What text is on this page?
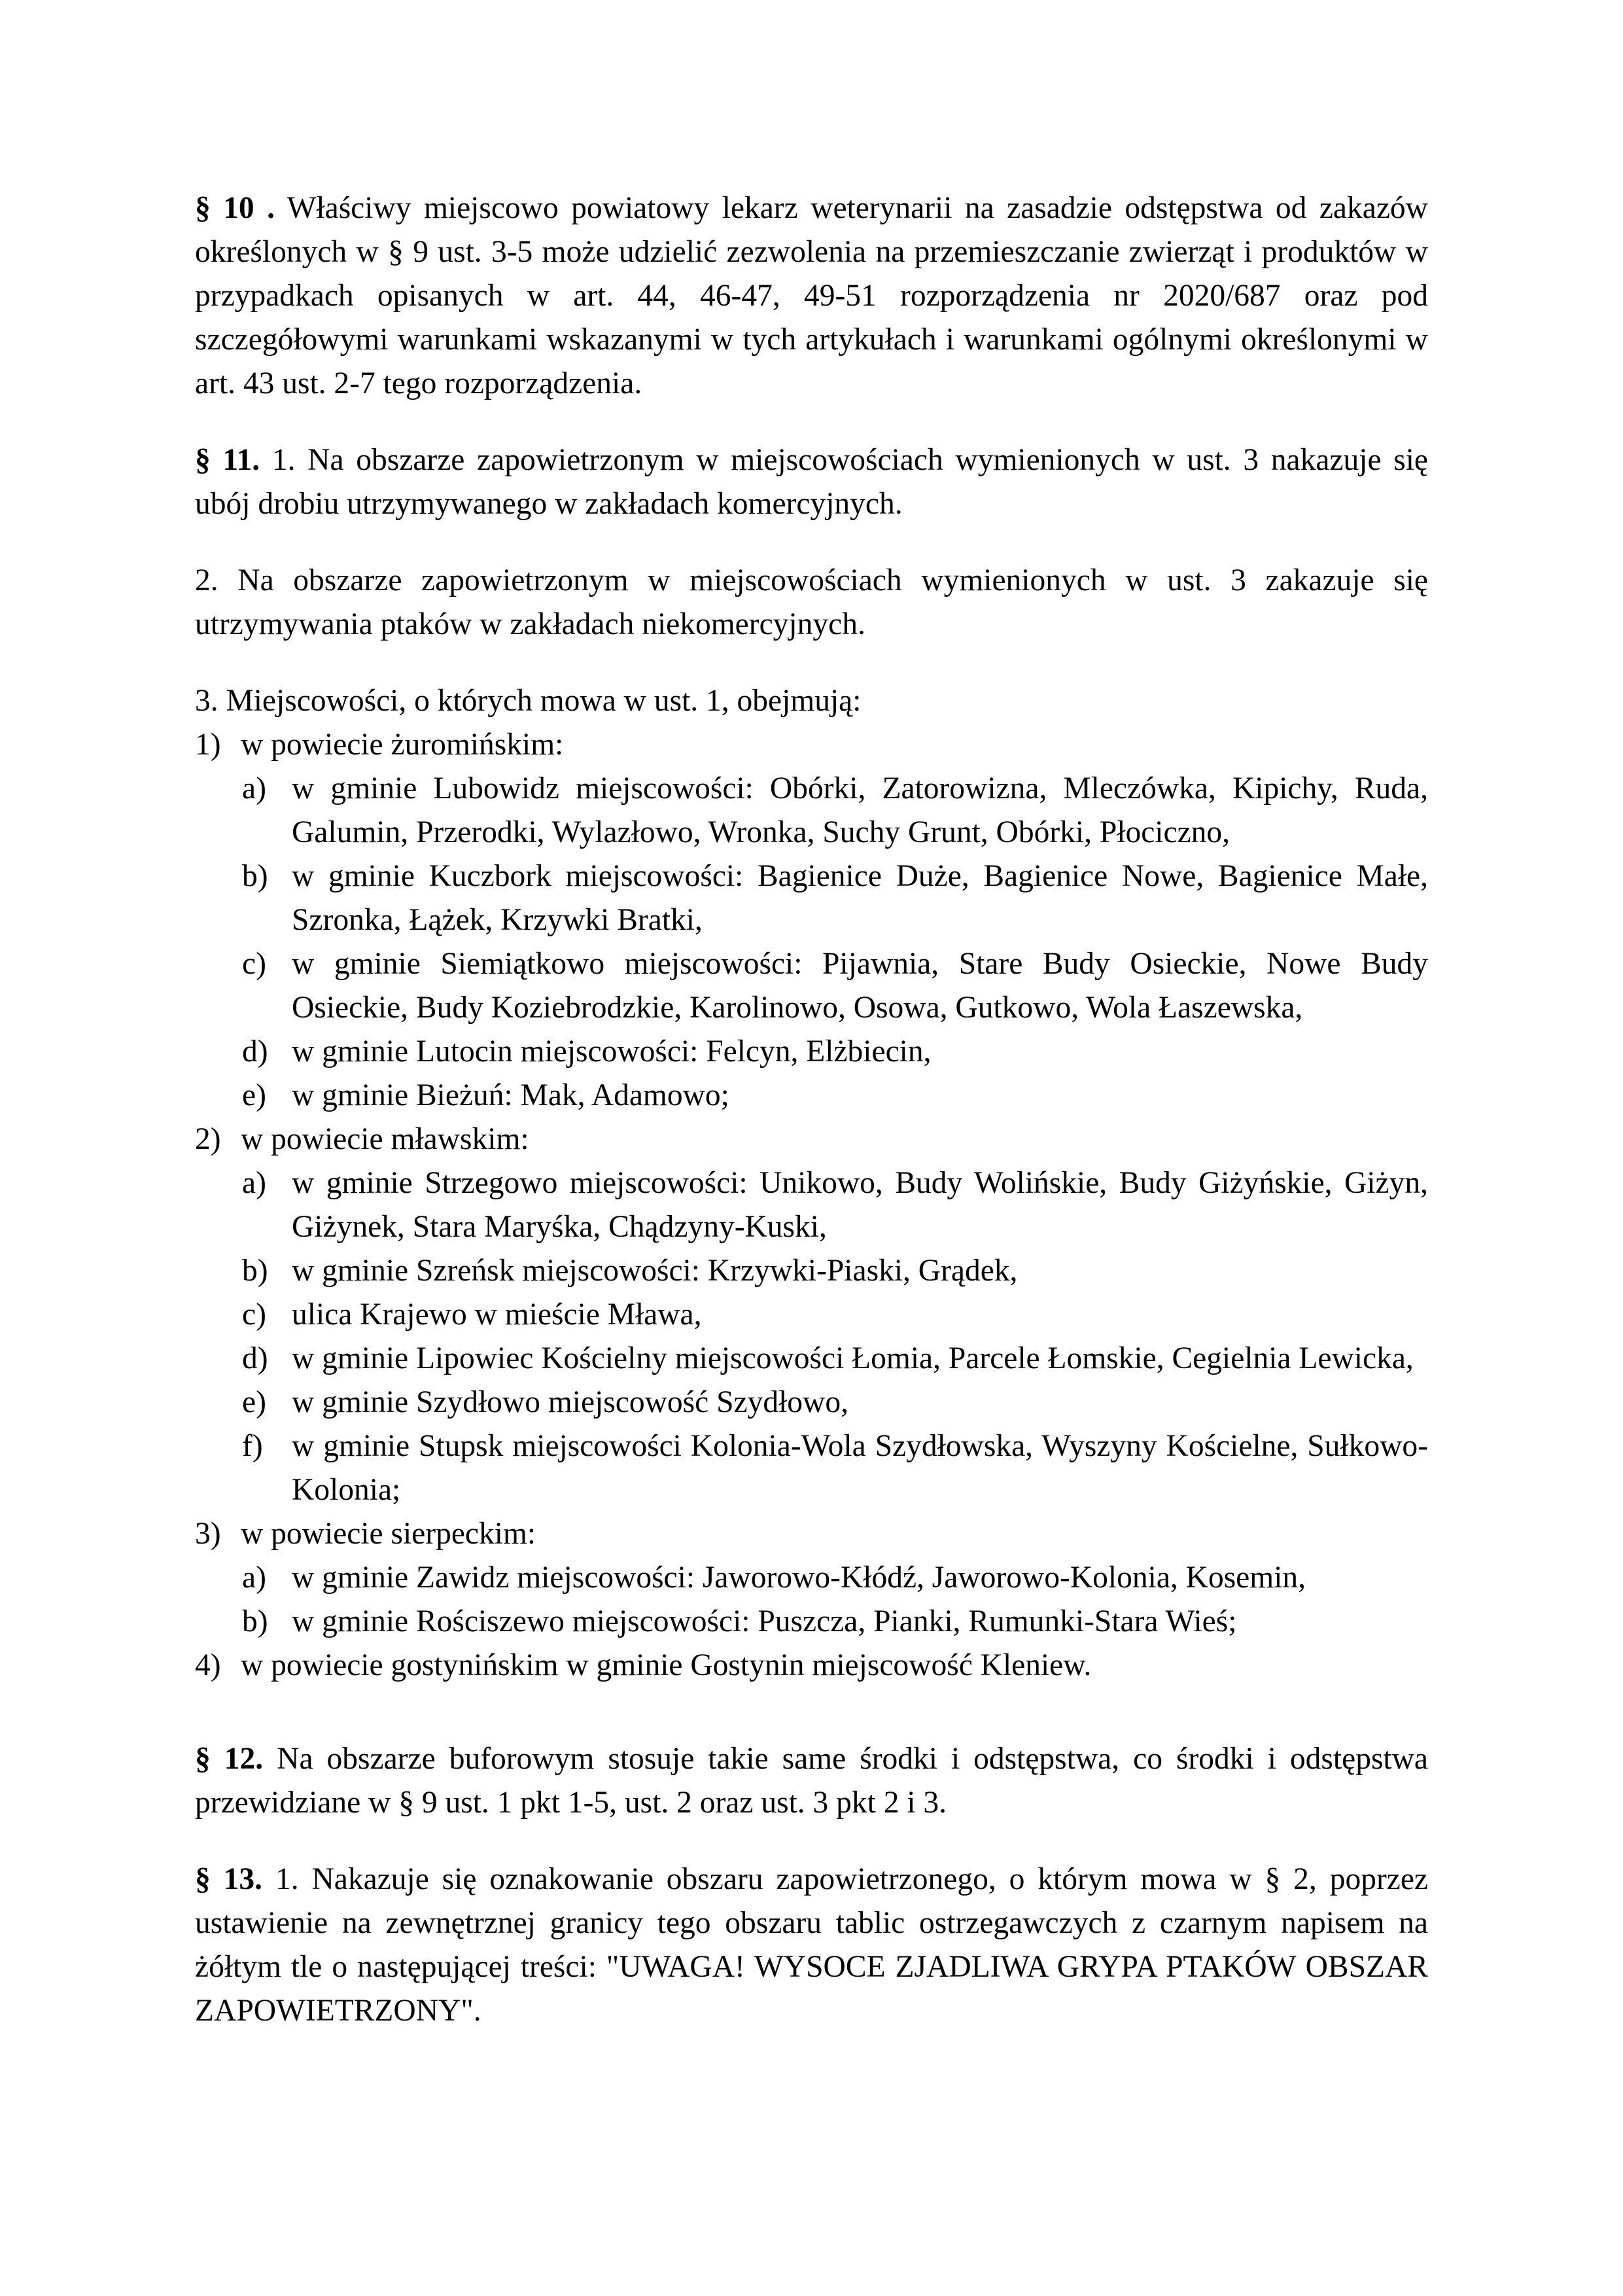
§ 10 . Właściwy miejscowo powiatowy lekarz weterynarii na zasadzie odstępstwa od zakazów określonych w § 9 ust. 3-5 może udzielić zezwolenia na przemieszczanie zwierząt i produktów w przypadkach opisanych w art. 44, 46-47, 49-51 rozporządzenia nr 2020/687 oraz pod szczegółowymi warunkami wskazanymi w tych artykułach i warunkami ogólnymi określonymi w art. 43 ust. 2-7 tego rozporządzenia.

§ 11. 1. Na obszarze zapowietrzonym w miejscowościach wymienionych w ust. 3 nakazuje się ubój drobiu utrzymywanego w zakładach komercyjnych.

2. Na obszarze zapowietrzonym w miejscowościach wymienionych w ust. 3 zakazuje się utrzymywania ptaków w zakładach niekomercyjnych.

3. Miejscowości, o których mowa w ust. 1, obejmują:

1) w powiecie żuromińskim:
a) w gminie Lubowidz miejscowości: Obórki, Zatorowizna, Mleczówka, Kipichy, Ruda, Galumin, Przerodki, Wylazłowo, Wronka, Suchy Grunt, Obórki, Płociczno,
b) w gminie Kuczbork miejscowości: Bagienice Duże, Bagienice Nowe, Bagienice Małe, Szronka, Łążek, Krzywki Bratki,
c) w gminie Siemiątkowo miejscowości: Pijawnia, Stare Budy Osieckie, Nowe Budy Osieckie, Budy Koziebrodzkie, Karolinowo, Osowa, Gutkowo, Wola Łaszewska,
d) w gminie Lutocin miejscowości: Felcyn, Elżbiecin,
e) w gminie Bieżuń: Mak, Adamowo;
2) w powiecie mławskim:
a) w gminie Strzegowo miejscowości: Unikowo, Budy Wolińskie, Budy Giżyńskie, Giżyn, Giżynek, Stara Maryśka, Chądzyny-Kuski,
b) w gminie Szreńsk miejscowości: Krzywki-Piaski, Grądek,
c) ulica Krajewo w mieście Mława,
d) w gminie Lipowiec Kościelny miejscowości Łomia, Parcele Łomskie, Cegielnia Lewicka,
e) w gminie Szydłowo miejscowość Szydłowo,
f) w gminie Stupsk miejscowości Kolonia-Wola Szydłowska, Wyszyny Kościelne, Sułkowo-Kolonia;
3) w powiecie sierpeckim:
a) w gminie Zawidz miejscowości: Jaworowo-Kłódź, Jaworowo-Kolonia, Kosemin,
b) w gminie Rościszewo miejscowości: Puszcza, Pianki, Rumunki-Stara Wieś;
4) w powiecie gostynińskim w gminie Gostynin miejscowość Kleniew.

§ 12. Na obszarze buforowym stosuje takie same środki i odstępstwa, co środki i odstępstwa przewidziane w § 9 ust. 1 pkt 1-5, ust. 2 oraz ust. 3 pkt 2 i 3.

§ 13. 1. Nakazuje się oznakowanie obszaru zapowietrzonego, o którym mowa w § 2, poprzez ustawienie na zewnętrznej granicy tego obszaru tablic ostrzegawczych z czarnym napisem na żółtym tle o następującej treści: "UWAGA! WYSOCE ZJADLIWA GRYPA PTAKÓW OBSZAR ZAPOWIETRZONY".
